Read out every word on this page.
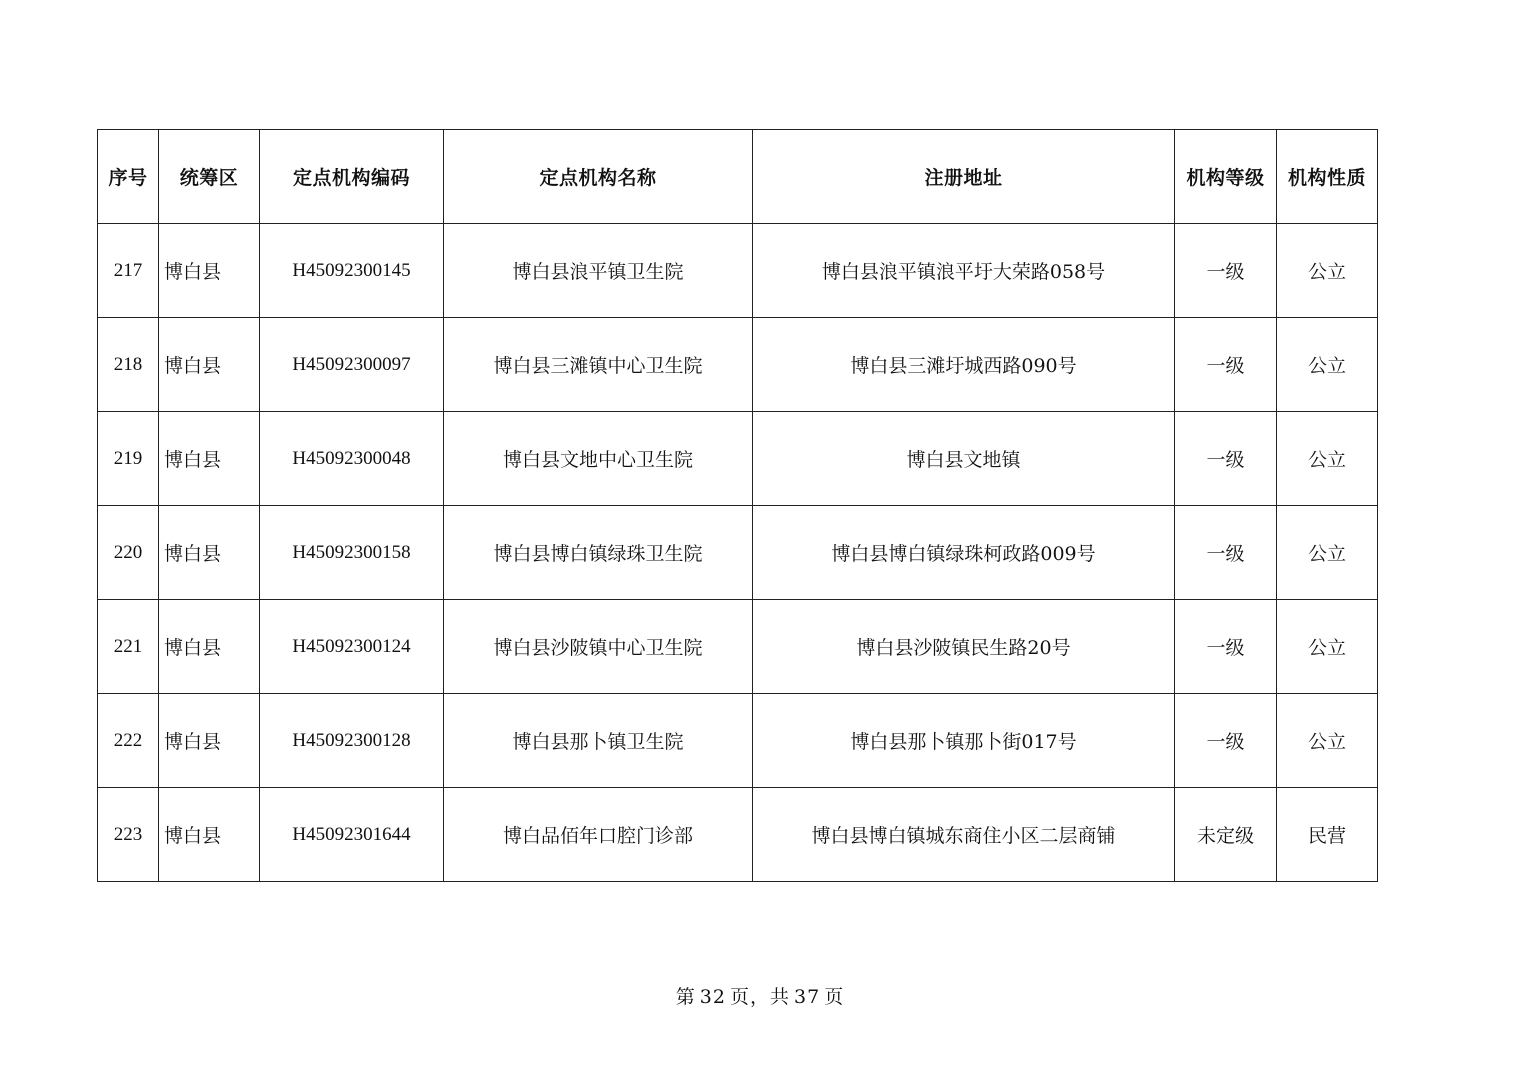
序号	统筹区	定点机构编码	定点机构名称	注册地址	机构等级	机构性质
217	博白县	H45092300145	博白县浪平镇卫生院	博白县浪平镇浪平圩大荣路058号	一级	公立
218	博白县	H45092300097	博白县三滩镇中心卫生院	博白县三滩圩城西路090号	一级	公立
219	博白县	H45092300048	博白县文地中心卫生院	博白县文地镇	一级	公立
220	博白县	H45092300158	博白县博白镇绿珠卫生院	博白县博白镇绿珠柯政路009号	一级	公立
221	博白县	H45092300124	博白县沙陂镇中心卫生院	博白县沙陂镇民生路20号	一级	公立
222	博白县	H45092300128	博白县那卜镇卫生院	博白县那卜镇那卜街017号	一级	公立
223	博白县	H45092301644	博白品佰年口腔门诊部	博白县博白镇城东商住小区二层商铺	未定级	民营
第 32 页，共 37 页
